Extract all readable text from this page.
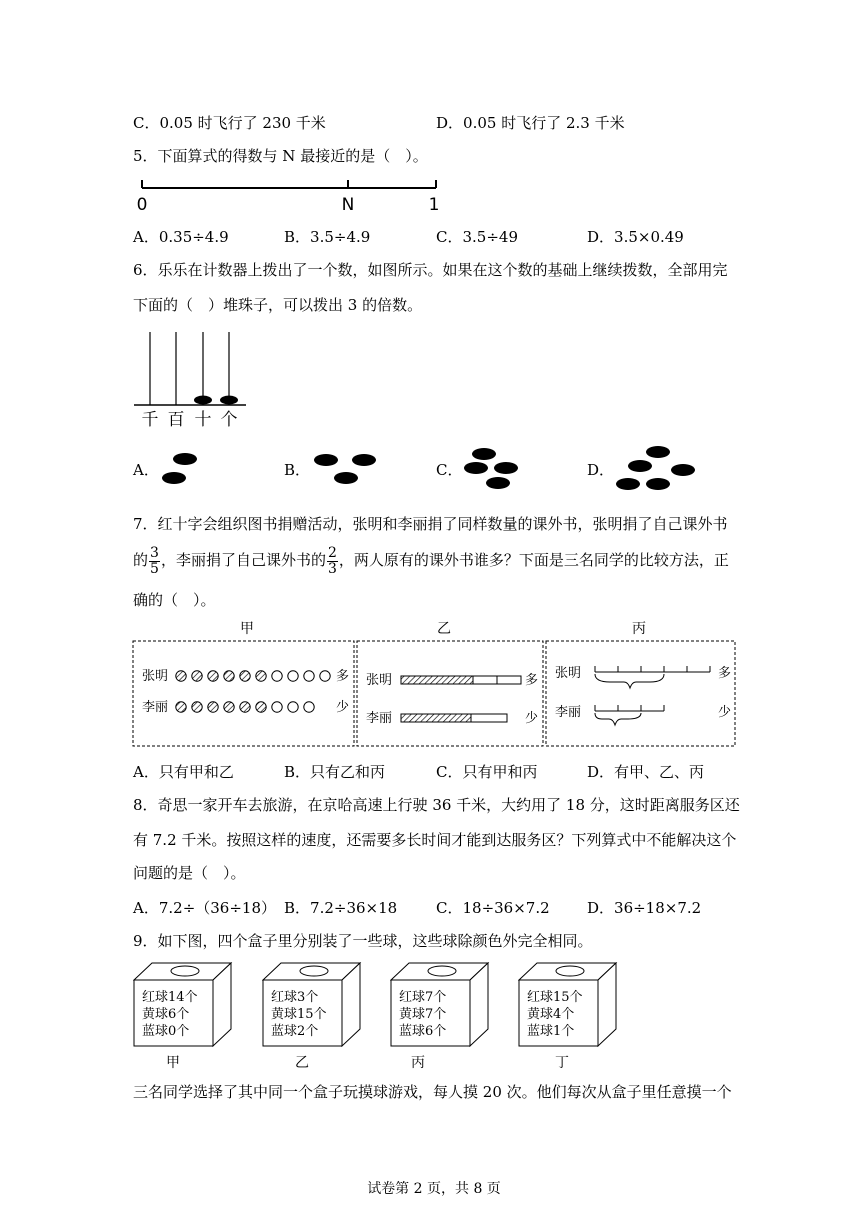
C．0.05 时飞行了 230 千米	D．0.05 时飞行了 2.3 千米
5．下面算式的得数与 N 最接近的是（　）。
0	N	1
A．0.35÷4.9	B．3.5÷4.9	C．3.5÷49	D．3.5×0.49
6．乐乐在计数器上拨出了一个数，如图所示。如果在这个数的基础上继续拨数，全部用完
下面的（　）堆珠子，可以拨出 3 的倍数。
千 百 十 个
A．	B．	C．	D．
7．红十字会组织图书捐赠活动，张明和李丽捐了同样数量的课外书，张明捐了自己课外书
的 $\frac{3}{5}$ ，李丽捐了自己课外书的 $\frac{2}{3}$ ，两人原有的课外书谁多？下面是三名同学的比较方法，正
确的（　）。
甲	乙	丙
张明	多
李丽	少
张明	多
李丽	少
张明	多
李丽	少
A．只有甲和乙	B．只有乙和丙	C．只有甲和丙	D．有甲、乙、丙
8．奇思一家开车去旅游，在京哈高速上行驶 36 千米，大约用了 18 分，这时距离服务区还
有 7.2 千米。按照这样的速度，还需要多长时间才能到达服务区？下列算式中不能解决这个
问题的是（　）。
A．7.2÷（36÷18） B．7.2÷36×18	C．18÷36×7.2 D．36÷18×7.2
9．如下图，四个盒子里分别装了一些球，这些球除颜色外完全相同。
红球14个
黄球6个
蓝球0个
甲
红球3个
黄球15个
蓝球2个
乙
红球7个
黄球7个
蓝球6个
丙
红球15个
黄球4个
蓝球1个
丁
三名同学选择了其中同一个盒子玩摸球游戏，每人摸 20 次。他们每次从盒子里任意摸一个
试卷第 2 页，共 8 页
